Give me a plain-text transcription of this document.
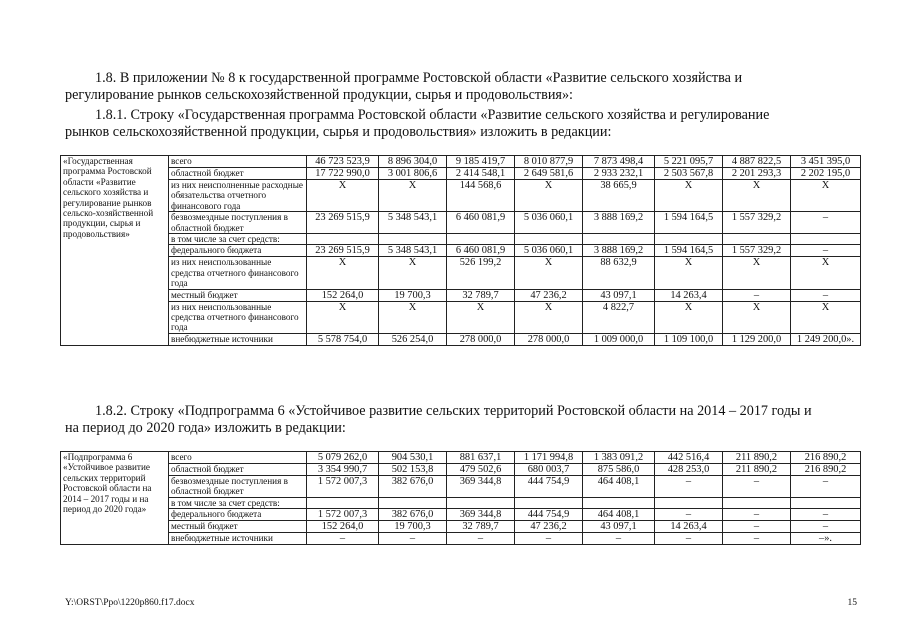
1.8. В приложении № 8 к государственной программе Ростовской области «Развитие сельского хозяйства и
регулирование рынков сельскохозяйственной продукции, сырья и продовольствия»:
1.8.1. Строку «Государственная программа Ростовской области «Развитие сельского хозяйства и регулирование
рынков сельскохозяйственной продукции, сырья и продовольствия» изложить в редакции:
«Государственная программа Ростовской области «Развитие сельского хозяйства и регулирование рынков сельско-хозяйственной продукции, сырья и продовольствия»	всего	46 723 523,9	8 896 304,0	9 185 419,7	8 010 877,9	7 873 498,4	5 221 095,7	4 887 822,5	3 451 395,0
	областной бюджет	17 722 990,0	3 001 806,6	2 414 548,1	2 649 581,6	2 933 232,1	2 503 567,8	2 201 293,3	2 202 195,0
	из них неисполненные расходные обязательства отчетного финансового года	Х	Х	144 568,6	Х	38 665,9	Х	Х	Х
	безвозмездные поступления в областной бюджет	23 269 515,9	5 348 543,1	6 460 081,9	5 036 060,1	3 888 169,2	1 594 164,5	1 557 329,2	–
	в том числе за счет средств:								
	федерального бюджета	23 269 515,9	5 348 543,1	6 460 081,9	5 036 060,1	3 888 169,2	1 594 164,5	1 557 329,2	–
	из них неиспользованные средства отчетного финансового года	Х	Х	526 199,2	Х	88 632,9	Х	Х	Х
	местный бюджет	152 264,0	19 700,3	32 789,7	47 236,2	43 097,1	14 263,4	–	–
	из них неиспользованные средства отчетного финансового года	Х	Х	Х	Х	4 822,7	Х	Х	Х
	внебюджетные источники	5 578 754,0	526 254,0	278 000,0	278 000,0	1 009 000,0	1 109 100,0	1 129 200,0	1 249 200,0».
1.8.2. Строку «Подпрограмма 6 «Устойчивое развитие сельских территорий Ростовской области на 2014 – 2017 годы и
на период до 2020 года» изложить в редакции:
«Подпрограмма 6 «Устойчивое развитие сельских территорий Ростовской области на 2014 – 2017 годы и на период до 2020 года»	всего	5 079 262,0	904 530,1	881 637,1	1 171 994,8	1 383 091,2	442 516,4	211 890,2	216 890,2
	областной бюджет	3 354 990,7	502 153,8	479 502,6	680 003,7	875 586,0	428 253,0	211 890,2	216 890,2
	безвозмездные поступления в областной бюджет	1 572 007,3	382 676,0	369 344,8	444 754,9	464 408,1	–	–	–
	в том числе за счет средств:								
	федерального бюджета	1 572 007,3	382 676,0	369 344,8	444 754,9	464 408,1	–	–	–
	местный бюджет	152 264,0	19 700,3	32 789,7	47 236,2	43 097,1	14 263,4	–	–
	внебюджетные источники	–	–	–	–	–	–	–	–».
Y:\ORST\Ppo\1220p860.f17.docx	15
